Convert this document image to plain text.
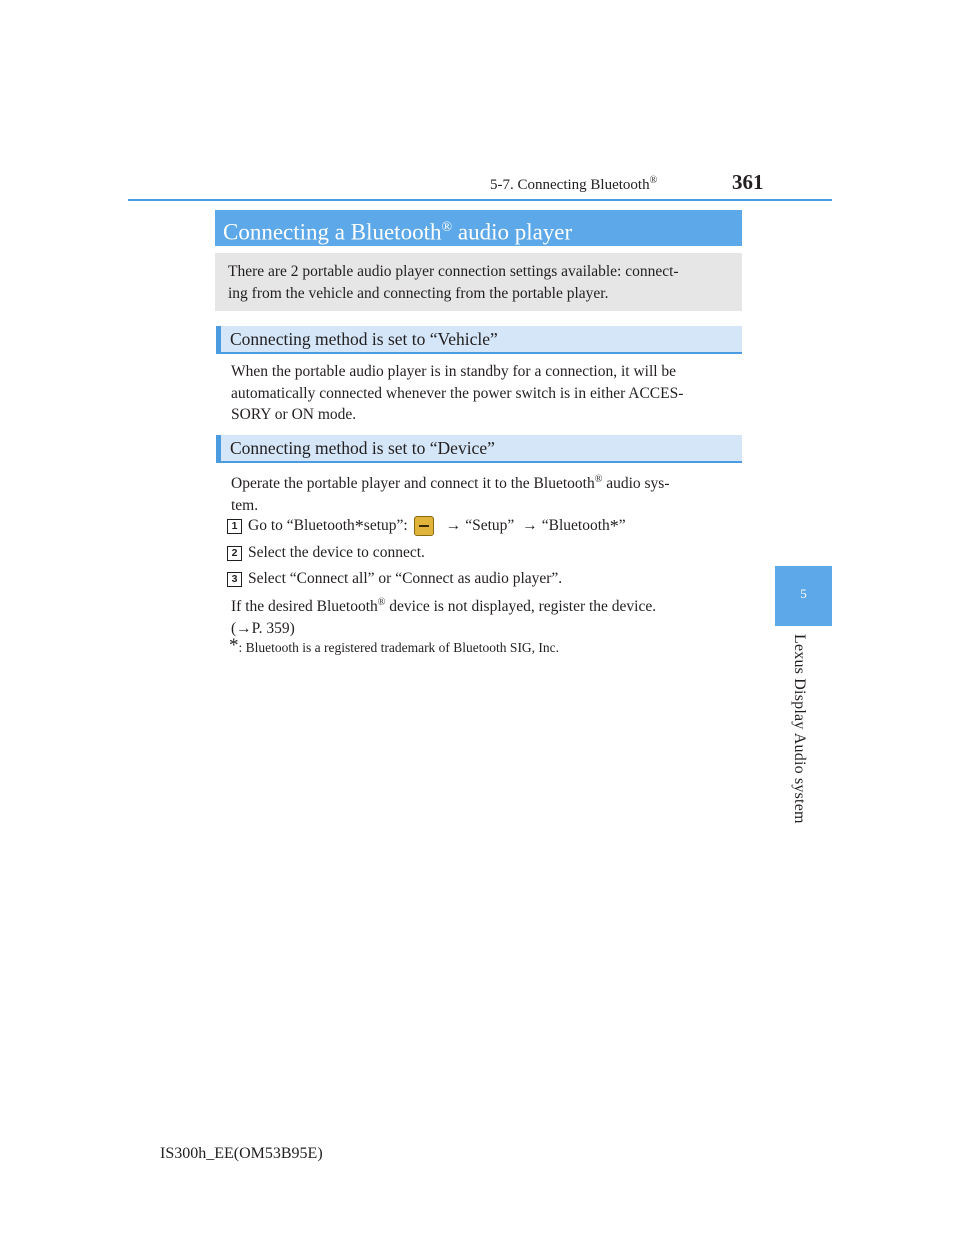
5-7. Connecting Bluetooth®	361
5
Lexus Display Audio system
Connecting a Bluetooth® audio player
There are 2 portable audio player connection settings available: connect-
ing from the vehicle and connecting from the portable player.
Connecting method is set to “Vehicle”
When the portable audio player is in standby for a connection, it will be
automatically connected whenever the power switch is in either ACCES-
SORY or ON mode.
Connecting method is set to “Device”
Operate the portable player and connect it to the Bluetooth® audio sys-
tem.
1 Go to “Bluetooth * setup”: → “Setup” → “Bluetooth * ”
2 Select the device to connect.
3 Select “Connect all” or “Connect as audio player”.
If the desired Bluetooth® device is not displayed, register the device.
(→P. 359)
*: Bluetooth is a registered trademark of Bluetooth SIG, Inc.
IS300h_EE(OM53B95E)
